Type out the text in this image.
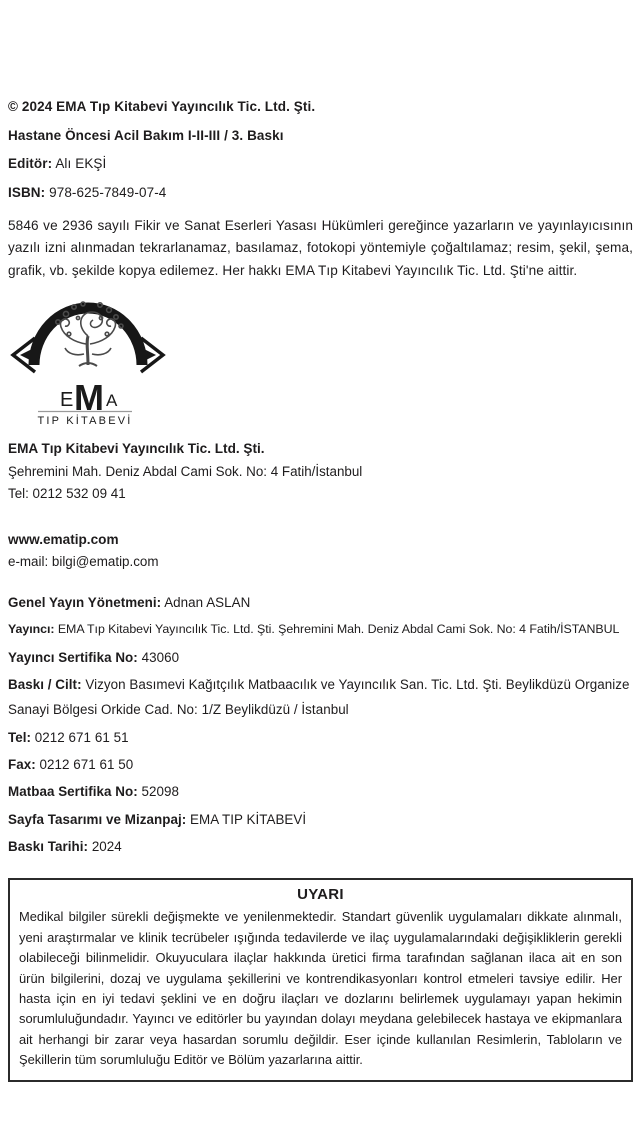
© 2024 EMA Tıp Kitabevi Yayıncılık Tic. Ltd. Şti.

Hastane Öncesi Acil Bakım I-II-III / 3. Baskı

Editör: Alı EKŞİ

ISBN: 978-625-7849-07-4

5846 ve 2936 sayılı Fikir ve Sanat Eserleri Yasası Hükümleri gereğince yazarların ve yayınlayıcısının yazılı izni alınmadan tekrarlanamaz, basılamaz, fotokopi yöntemiyle çoğaltılamaz; resim, şekil, şema, grafik, vb. şekilde kopya edilemez. Her hakkı EMA Tıp Kitabevi Yayıncılık Tic. Ltd. Şti'ne aittir.
E M A
TIP KİTABEVİ

EMA Tıp Kitabevi Yayıncılık Tic. Ltd. Şti.

Şehremini Mah. Deniz Abdal Cami Sok. No: 4 Fatih/İstanbul

Tel: 0212 532 09 41

www.ematip.com

e-mail: bilgi@ematip.com

Genel Yayın Yönetmeni: Adnan ASLAN

Yayıncı: EMA Tıp Kitabevi Yayıncılık Tic. Ltd. Şti. Şehremini Mah. Deniz Abdal Cami Sok. No: 4 Fatih/İSTANBUL

Yayıncı Sertifika No: 43060

Baskı / Cilt: Vizyon Basımevi Kağıtçılık Matbaacılık ve Yayıncılık San. Tic. Ltd. Şti. Beylikdüzü Organize Sanayi Bölgesi Orkide Cad. No: 1/Z Beylikdüzü / İstanbul

Tel: 0212 671 61 51

Fax: 0212 671 61 50

Matbaa Sertifika No: 52098

Sayfa Tasarımı ve Mizanpaj: EMA TIP KİTABEVİ

Baskı Tarihi: 2024

UYARI
Medikal bilgiler sürekli değişmekte ve yenilenmektedir. Standart güvenlik uygulamaları dikkate alınmalı, yeni araştırmalar ve klinik tecrübeler ışığında tedavilerde ve ilaç uygulamalarındaki değişikliklerin gerekli olabileceği bilinmelidir. Okuyuculara ilaçlar hakkında üretici firma tarafından sağlanan ilaca ait en son ürün bilgilerini, dozaj ve uygulama şekillerini ve kontrendikasyonları kontrol etmeleri tavsiye edilir. Her hasta için en iyi tedavi şeklini ve en doğru ilaçları ve dozlarını belirlemek uygulamayı yapan hekimin sorumluluğundadır. Yayıncı ve editörler bu yayından dolayı meydana gelebilecek hastaya ve ekipmanlara ait herhangi bir zarar veya hasardan sorumlu değildir. Eser içinde kullanılan Resimlerin, Tabloların ve Şekillerin tüm sorumluluğu Editör ve Bölüm yazarlarına aittir.
